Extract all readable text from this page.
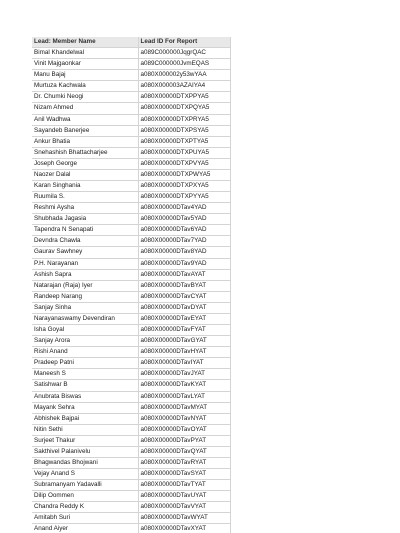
Lead: Member Name	Lead ID For Report
Bimal Khandelwal	a089C000000JqgrQAC
Vinit Majgaonkar	a089C000000JvmEQAS
Manu Bajaj	a080X000002y53wYAA
Murtuza Kachwala	a080X000003AZAIYA4
Dr. Chumki Neogi	a080X00000DTXPPYA5
Nizam Ahmed	a080X00000DTXPQYA5
Anil Wadhwa	a080X00000DTXPRYA5
Sayandeb Banerjee	a080X00000DTXPSYA5
Ankur Bhatia	a080X00000DTXPTYA5
Snehashish Bhattacharjee	a080X00000DTXPUYA5
Joseph George	a080X00000DTXPVYA5
Naozer Dalal	a080X00000DTXPWYA5
Karan Singhania	a080X00000DTXPXYA5
Ruumila S.	a080X00000DTXPYYA5
Reshmi Aysha	a080X00000DTav4YAD
Shubhada Jagasia	a080X00000DTav5YAD
Tapendra N Senapati	a080X00000DTav6YAD
Devndra Chawla	a080X00000DTav7YAD
Gaurav Sawhney	a080X00000DTav8YAD
P.H. Narayanan	a080X00000DTav9YAD
Ashish Sapra	a080X00000DTavAYAT
Natarajan (Raja) Iyer	a080X00000DTavBYAT
Randeep Narang	a080X00000DTavCYAT
Sanjay Sinha	a080X00000DTavDYAT
Narayanaswamy Devendiran	a080X00000DTavEYAT
Isha Goyal	a080X00000DTavFYAT
Sanjay Arora	a080X00000DTavGYAT
Rishi Anand	a080X00000DTavHYAT
Pradeep Patni	a080X00000DTavIYAT
Maneesh S	a080X00000DTavJYAT
Satishwar B	a080X00000DTavKYAT
Anubrata Biswas	a080X00000DTavLYAT
Mayank Sehra	a080X00000DTavMYAT
Abhishek Bajpai	a080X00000DTavNYAT
Nitin Sethi	a080X00000DTavOYAT
Surjeet Thakur	a080X00000DTavPYAT
Sakthivel Palanivelu	a080X00000DTavQYAT
Bhagwandas Bhojwani	a080X00000DTavRYAT
Vejay Anand S	a080X00000DTavSYAT
Subramanyam Yadavalli	a080X00000DTavTYAT
Dilip Oommen	a080X00000DTavUYAT
Chandra Reddy K	a080X00000DTavVYAT
Amitabh Suri	a080X00000DTavWYAT
Anand Aiyer	a080X00000DTavXYAT
